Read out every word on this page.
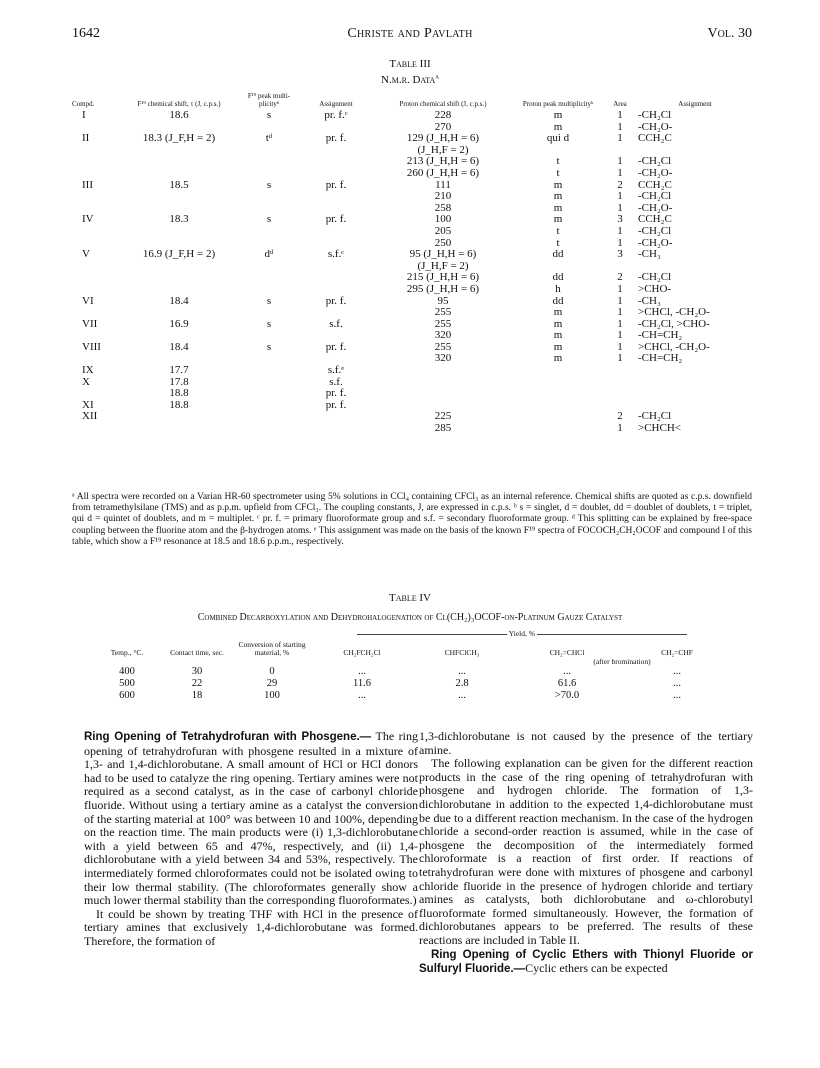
1642	Christe and Pavlath	Vol. 30
Table III
N.m.r. Data$^a$
Compd.	F¹⁹ chemical shift, τ (J, c.p.s.)	F¹⁹ peak multi-plicityᵇ	Assignment	Proton chemical shift (J, c.p.s.)	Proton peak multiplicityᵇ	Area	Assignment
I	18.6	s	pr. f.ᶜ	228	m	1	-CH₂Cl
				270	m	1	-CH₂O-
II	18.3 (J_F,H = 2)	tᵈ	pr. f.	129 (J_H,H = 6)	qui d	1	CCH₂C
				(J_H,F = 2)			
				213 (J_H,H = 6)	t	1	-CH₂Cl
				260 (J_H,H = 6)	t	1	-CH₂O-
III	18.5	s	pr. f.	111	m	2	CCH₂C
				210	m	1	-CH₂Cl
				258	m	1	-CH₂O-
IV	18.3	s	pr. f.	100	m	3	CCH₂C
				205	t	1	-CH₂Cl
				250	t	1	-CH₂O-
V	16.9 (J_F,H = 2)	dᵈ	s.f.ᶜ	95 (J_H,H = 6)	dd	3	-CH₃
				(J_H,F = 2)			
				215 (J_H,H = 6)	dd	2	-CH₂Cl
				295 (J_H,H = 6)	h	1	>CHO-
VI	18.4	s	pr. f.	95	dd	1	-CH₃
				255	m	1	>CHCl, -CH₂O-
VII	16.9	s	s.f.	255	m	1	-CH₂Cl, >CHO-
				320	m	1	-CH=CH₂
VIII	18.4	s	pr. f.	255	m	1	>CHCl, -CH₂O-
				320	m	1	-CH=CH₂
IX	17.7		s.f.ᵉ				
X	17.8		s.f.				
	18.8		pr. f.				
XI	18.8		pr. f.				
XII				225		2	-CH₂Cl
				285		1	>CHCH<
ᵃ All spectra were recorded on a Varian HR-60 spectrometer using 5% solutions in CCl₄ containing CFCl₃ as an internal reference. Chemical shifts are quoted as c.p.s. downfield from tetramethylsilane (TMS) and as p.p.m. upfield from CFCl₃. The coupling constants, J, are expressed in c.p.s. ᵇ s = singlet, d = doublet, dd = doublet of doublets, t = triplet, qui d = quintet of doublets, and m = multiplet. ᶜ pr. f. = primary fluoroformate group and s.f. = secondary fluoroformate group. ᵈ This splitting can be explained by free-space coupling between the fluorine atom and the β-hydrogen atoms. ᵉ This assignment was made on the basis of the known F¹⁹ spectra of FOCOCH₂CH₂OCOF and compound I of this table, which show a F¹⁹ resonance at 18.5 and 18.6 p.p.m., respectively.
Table IV
Combined Decarboxylation and Dehydrohalogenation of Cl(CH₂)₃OCOF-on-Platinum Gauze Catalyst
			Yield, %			
Temp., °C.	Contact time, sec.	Conversion of starting material, %	CH₂FCH₂Cl	CHFClCH₃	CH₂=CHCl	CH₂=CHF
					(after bromination)	
400	30	0	...	...	...	...
500	22	29	11.6	2.8	61.6	...
600	18	100	...	...	>70.0	...

Ring Opening of Tetrahydrofuran with Phosgene.— The ring opening of tetrahydrofuran with phosgene resulted in a mixture of 1,3- and 1,4-dichlorobutane. A small amount of HCl or HCl donors had to be used to catalyze the ring opening. Tertiary amines were not required as a second catalyst, as in the case of carbonyl chloride fluoride. Without using a tertiary amine as a catalyst the conversion of the starting material at 100° was between 10 and 100%, depending on the reaction time. The main products were (i) 1,3-dichlorobutane with a yield between 65 and 47%, respectively, and (ii) 1,4-dichlorobutane with a yield between 34 and 53%, respectively. The intermediately formed chloroformates could not be isolated owing to their low thermal stability. (The chloroformates generally show a much lower thermal stability than the corresponding fluoroformates.)

It could be shown by treating THF with HCl in the presence of tertiary amines that exclusively 1,4-dichlorobutane was formed. Therefore, the formation of

1,3-dichlorobutane is not caused by the presence of the tertiary amine.

The following explanation can be given for the different reaction products in the case of the ring opening of tetrahydrofuran with phosgene and hydrogen chloride. The formation of 1,3-dichlorobutane in addition to the expected 1,4-dichlorobutane must be due to a different reaction mechanism. In the case of the hydrogen chloride a second-order reaction is assumed, while in the case of phosgene the decomposition of the intermediately formed chloroformate is a reaction of first order. If reactions of tetrahydrofuran were done with mixtures of phosgene and carbonyl chloride fluoride in the presence of hydrogen chloride and tertiary amines as catalysts, both dichlorobutane and ω-chlorobutyl fluoroformate formed simultaneously. However, the formation of dichlorobutanes appears to be preferred. The results of these reactions are included in Table II.

Ring Opening of Cyclic Ethers with Thionyl Fluoride or Sulfuryl Fluoride.—Cyclic ethers can be expected
